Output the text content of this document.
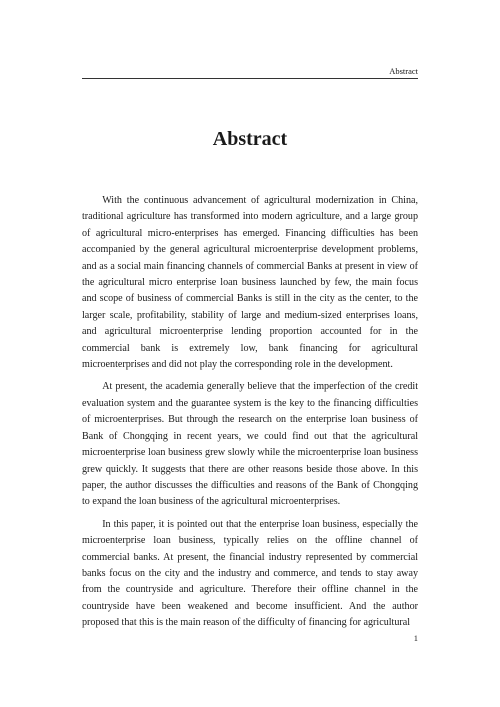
Abstract
Abstract

With the continuous advancement of agricultural modernization in China, traditional agriculture has transformed into modern agriculture, and a large group of agricultural micro-enterprises has emerged. Financing difficulties has been accompanied by the general agricultural microenterprise development problems, and as a social main financing channels of commercial Banks at present in view of the agricultural micro enterprise loan business launched by few, the main focus and scope of business of commercial Banks is still in the city as the center, to the larger scale, profitability, stability of large and medium-sized enterprises loans, and agricultural microenterprise lending proportion accounted for in the commercial bank is extremely low, bank financing for agricultural microenterprises and did not play the corresponding role in the development.

At present, the academia generally believe that the imperfection of the credit evaluation system and the guarantee system is the key to the financing difficulties of microenterprises. But through the research on the enterprise loan business of Bank of Chongqing in recent years, we could find out that the agricultural microenterprise loan business grew slowly while the microenterprise loan business grew quickly. It suggests that there are other reasons beside those above. In this paper, the author discusses the difficulties and reasons of the Bank of Chongqing to expand the loan business of the agricultural microenterprises.

In this paper, it is pointed out that the enterprise loan business, especially the microenterprise loan business, typically relies on the offline channel of commercial banks. At present, the financial industry represented by commercial banks focus on the city and the industry and commerce, and tends to stay away from the countryside and agriculture. Therefore their offline channel in the countryside have been weakened and become insufficient. And the author proposed that this is the main reason of the difficulty of financing for agricultural

1
